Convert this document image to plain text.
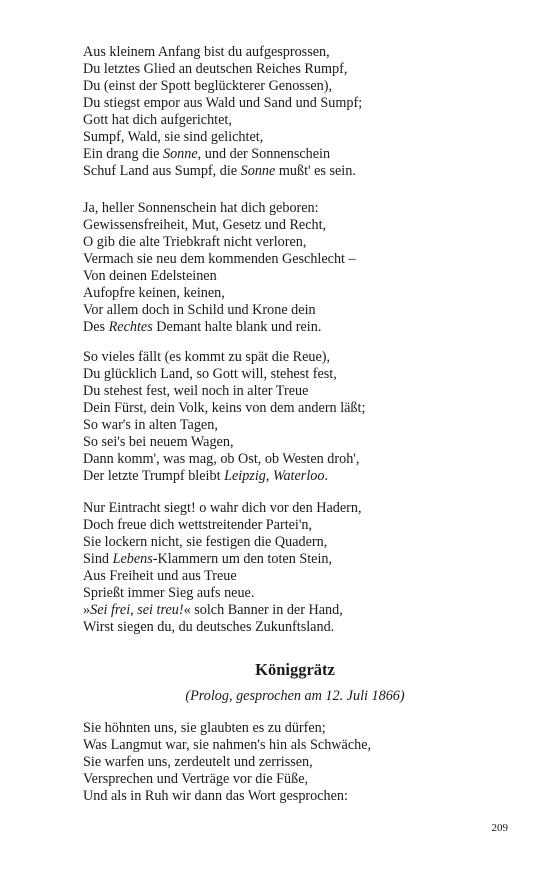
Aus kleinem Anfang bist du aufgesprossen,
Du letztes Glied an deutschen Reiches Rumpf,
Du (einst der Spott beglückterer Genossen),
Du stiegst empor aus Wald und Sand und Sumpf;
Gott hat dich aufgerichtet,
Sumpf, Wald, sie sind gelichtet,
Ein drang die Sonne, und der Sonnenschein
Schuf Land aus Sumpf, die Sonne mußt' es sein.
Ja, heller Sonnenschein hat dich geboren:
Gewissensfreiheit, Mut, Gesetz und Recht,
O gib die alte Triebkraft nicht verloren,
Vermach sie neu dem kommenden Geschlecht –
Von deinen Edelsteinen
Aufopfre keinen, keinen,
Vor allem doch in Schild und Krone dein
Des Rechtes Demant halte blank und rein.
So vieles fällt (es kommt zu spät die Reue),
Du glücklich Land, so Gott will, stehest fest,
Du stehest fest, weil noch in alter Treue
Dein Fürst, dein Volk, keins von dem andern läßt;
So war's in alten Tagen,
So sei's bei neuem Wagen,
Dann komm', was mag, ob Ost, ob Westen droh',
Der letzte Trumpf bleibt Leipzig, Waterloo.
Nur Eintracht siegt! o wahr dich vor den Hadern,
Doch freue dich wettstreitender Partei'n,
Sie lockern nicht, sie festigen die Quadern,
Sind Lebens-Klammern um den toten Stein,
Aus Freiheit und aus Treue
Sprießt immer Sieg aufs neue.
»Sei frei, sei treu!« solch Banner in der Hand,
Wirst siegen du, du deutsches Zukunftsland.
Königgrätz
(Prolog, gesprochen am 12. Juli 1866)
Sie höhnten uns, sie glaubten es zu dürfen;
Was Langmut war, sie nahmen's hin als Schwäche,
Sie warfen uns, zerdeutelt und zerrissen,
Versprechen und Verträge vor die Füße,
Und als in Ruh wir dann das Wort gesprochen:
209
